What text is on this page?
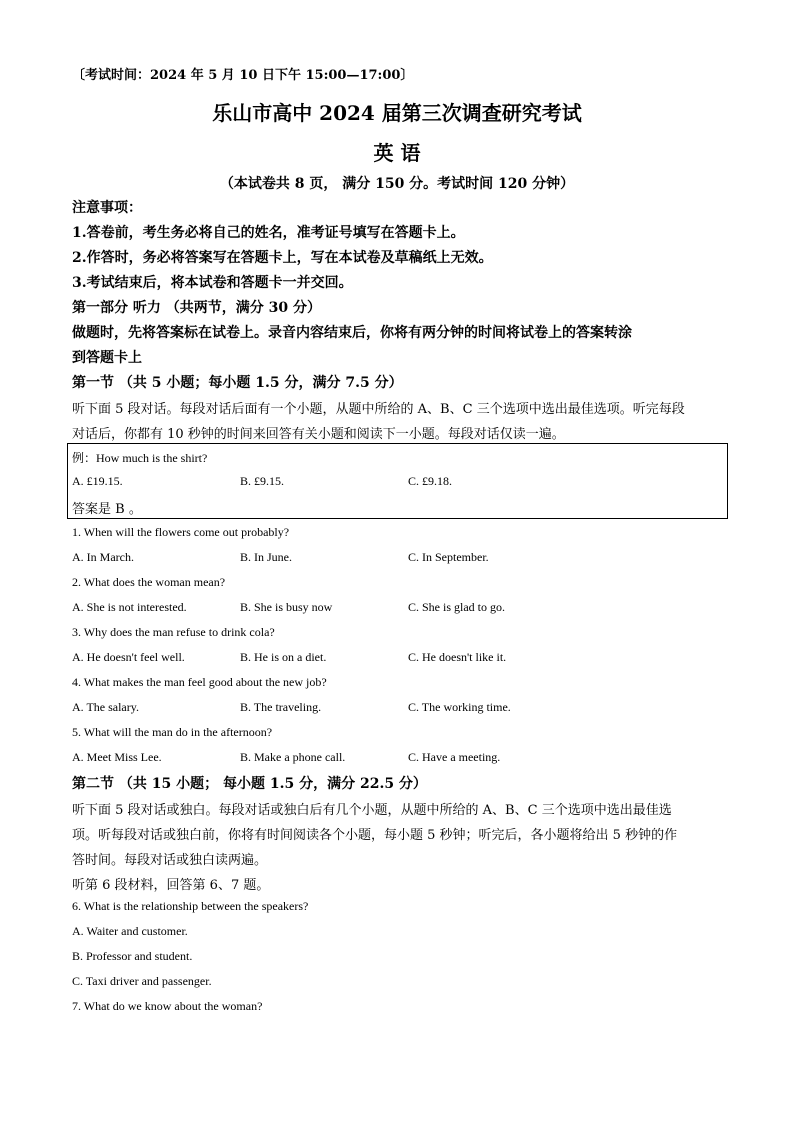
〔考试时间：2024 年 5 月 10 日下午 15:00—17:00〕
乐山市高中 2024 届第三次调查研究考试
英 语
（本试卷共 8 页， 满分 150 分。考试时间 120 分钟）
注意事项：
1.答卷前，考生务必将自己的姓名，准考证号填写在答题卡上。
2.作答时，务必将答案写在答题卡上，写在本试卷及草稿纸上无效。
3.考试结束后，将本试卷和答题卡一并交回。
第一部分 听力 （共两节，满分 30 分）
做题时，先将答案标在试卷上。录音内容结束后，你将有两分钟的时间将试卷上的答案转涂
到答题卡上
第一节 （共 5 小题；每小题 1.5 分，满分 7.5 分）
听下面 5 段对话。每段对话后面有一个小题，从题中所给的 A、B、C 三个选项中选出最佳选项。听完每段
对话后，你都有 10 秒钟的时间来回答有关小题和阅读下一小题。每段对话仅读一遍。
例：How much is the shirt?
A. £19.15.	B. £9.15.	C. £9.18.
答案是 B 。
1. When will the flowers come out probably?
A. In March.	B. In June.	C. In September.
2. What does the woman mean?
A. She is not interested.	B. She is busy now	C. She is glad to go.
3. Why does the man refuse to drink cola?
A. He doesn't feel well.	B. He is on a diet.	C. He doesn't like it.
4. What makes the man feel good about the new job?
A. The salary.	B. The traveling.	C. The working time.
5. What will the man do in the afternoon?
A. Meet Miss Lee.	B. Make a phone call.	C. Have a meeting.
第二节 （共 15 小题； 每小题 1.5 分，满分 22.5 分）
听下面 5 段对话或独白。每段对话或独白后有几个小题，从题中所给的 A、B、C 三个选项中选出最佳选
项。听每段对话或独白前，你将有时间阅读各个小题，每小题 5 秒钟；听完后，各小题将给出 5 秒钟的作
答时间。每段对话或独白读两遍。
听第 6 段材料，回答第 6、7 题。
6. What is the relationship between the speakers?
A. Waiter and customer.
B. Professor and student.
C. Taxi driver and passenger.
7. What do we know about the woman?
